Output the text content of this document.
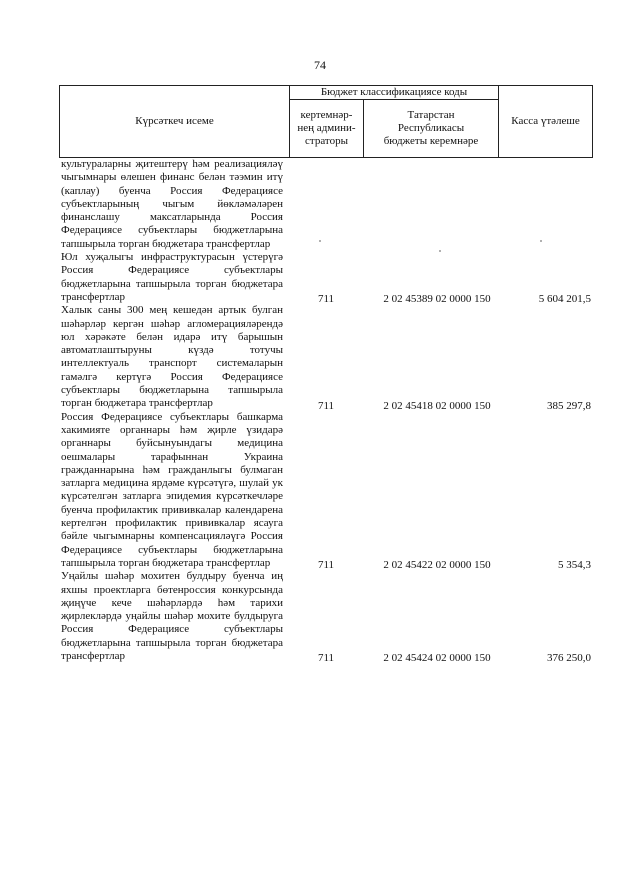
74
Күрсәткеч исеме	Бюджет классификациясе коды		Касса үтәлеше
	кертемнәр-нең админи-страторы	Татарстан Республикасы бюджеты керемнәре	
культураларны җитештерү һәм реализацияләү чыгымнары өлешен финанс белән тәэмин итү (каплау) буенча Россия Федерациясе субъектларының чыгым йөкләмәләрен финанслашу максатларында Россия Федерациясе субъектлары бюджетларына тапшырыла торган бюджетара трансфертлар
Юл хуҗалыгы инфраструктурасын үстерүгә Россия Федерациясе субъектлары бюджетларына тапшырыла торган бюджетара трансфертлар	711	2 02 45389 02 0000 150	5 604 201,5
Халык саны 300 мең кешедән артык булган шәһәрләр кергән шәһәр агломерацияләрендә юл хәрәкәте белән идарә итү барышын автоматлаштыруны күздә тотучы интеллектуаль транспорт системаларын гамәлгә кертүгә Россия Федерациясе субъектлары бюджетларына тапшырыла торган бюджетара трансфертлар	711	2 02 45418 02 0000 150	385 297,8
Россия Федерациясе субъектлары башкарма хакимияте органнары һәм җирле үзидарә органнары буйсынуындагы медицина оешмалары тарафыннан Украина гражданнарына һәм гражданлыгы булмаган затларга медицина ярдәме күрсәтүгә, шулай ук күрсәтелгән затларга эпидемия күрсәткечләре буенча профилактик прививкалар календарена кертелгән профилактик прививкалар ясауга бәйле чыгымнарны компенсацияләүгә Россия Федерациясе субъектлары бюджетларына тапшырыла торган бюджетара трансфертлар	711	2 02 45422 02 0000 150	5 354,3
Уңайлы шәһәр мохитен булдыру буенча иң яхшы проектларга бөтенроссия конкурсында җиңүче кече шәһәрләрдә һәм тарихи җирлекләрдә уңайлы шәһәр мохите булдыруга Россия Федерациясе субъектлары бюджетларына тапшырыла торган бюджетара трансфертлар	711	2 02 45424 02 0000 150	376 250,0
